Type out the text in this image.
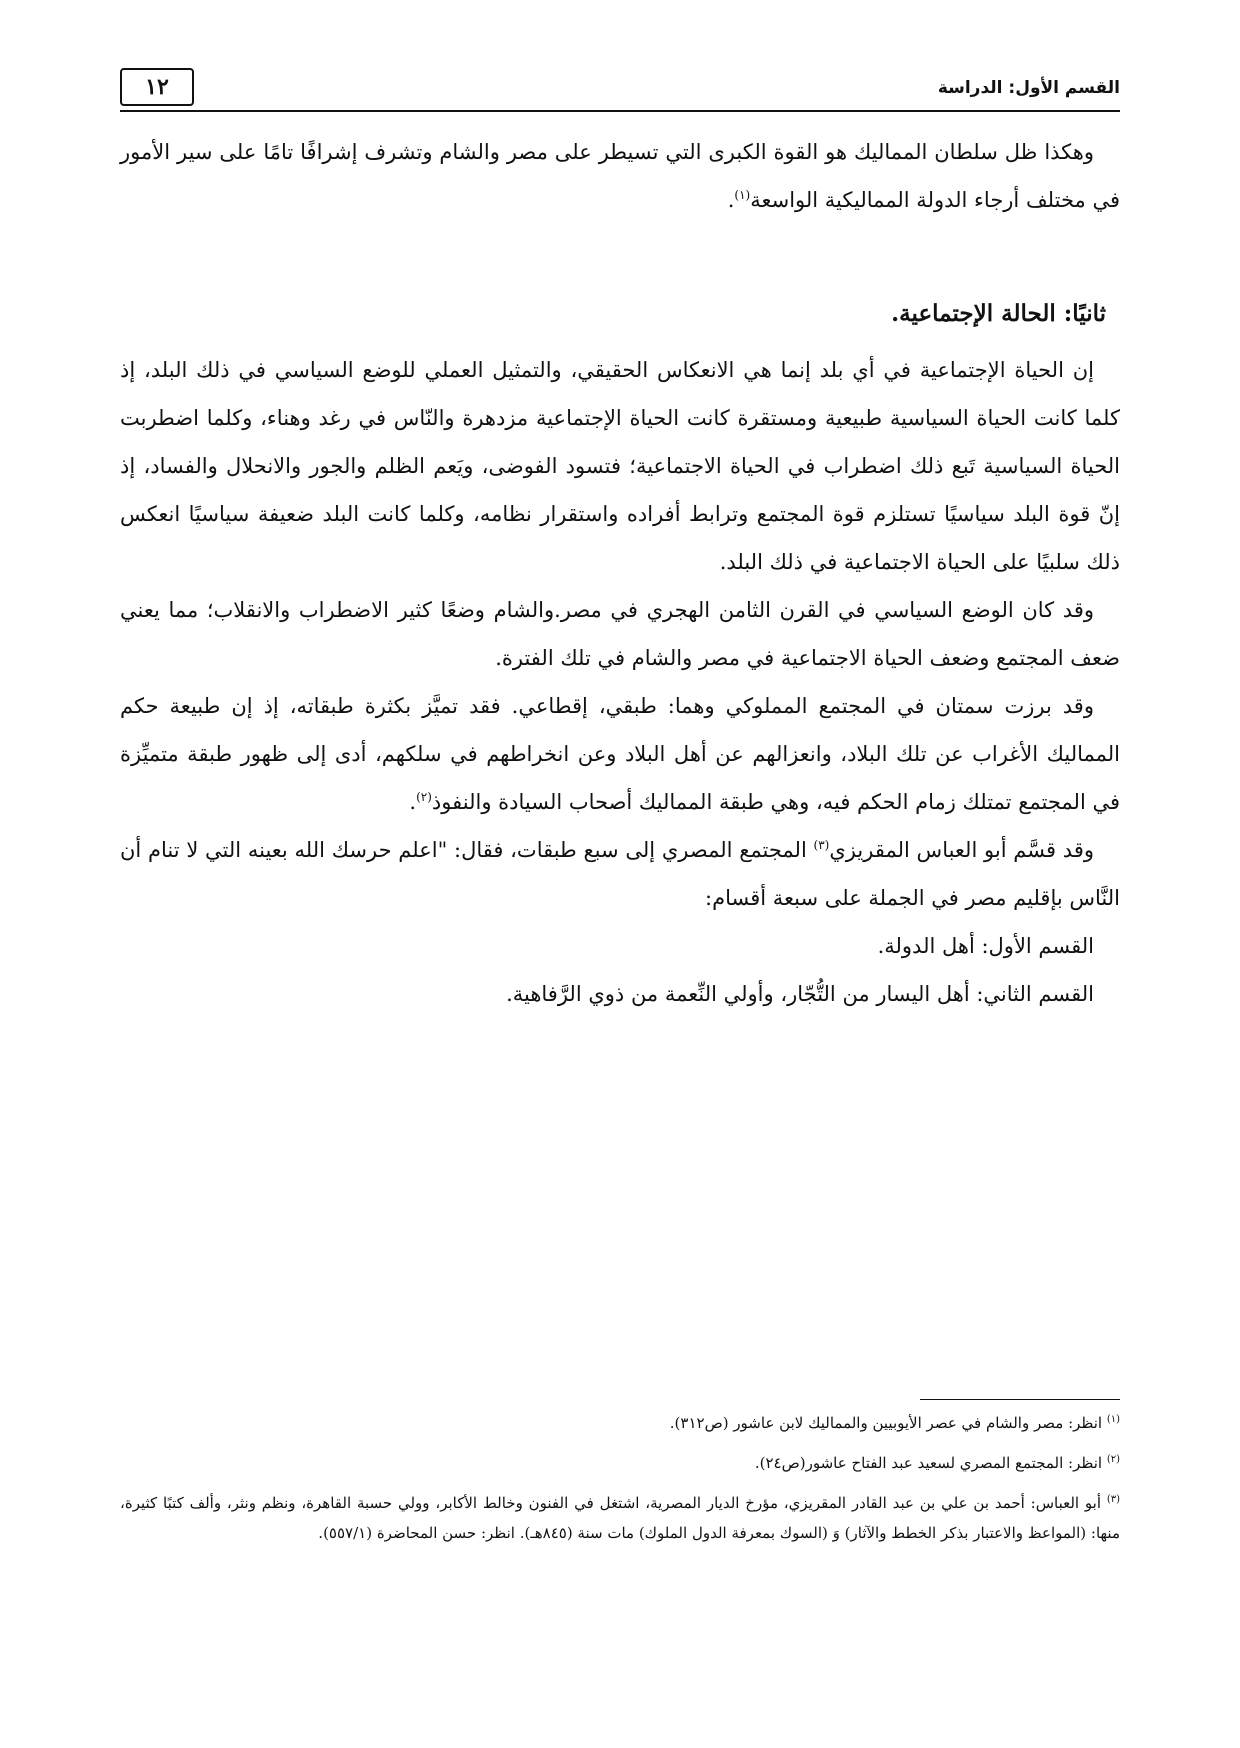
القسم الأول: الدراسة
١٢

وهكذا ظل سلطان المماليك هو القوة الكبرى التي تسيطر على مصر والشام وتشرف إشرافًا تامًا على سير الأمور في مختلف أرجاء الدولة المماليكية الواسعة$^{(١)}$.

ثانيًا: الحالة الإجتماعية.

إن الحياة الإجتماعية في أي بلد إنما هي الانعكاس الحقيقي، والتمثيل العملي للوضع السياسي في ذلك البلد، إذ كلما كانت الحياة السياسية طبيعية ومستقرة كانت الحياة الإجتماعية مزدهرة والنّاس في رغد وهناء، وكلما اضطربت الحياة السياسية تَبع ذلك اضطراب في الحياة الاجتماعية؛ فتسود الفوضى، ويَعم الظلم والجور والانحلال والفساد، إذ إنّ قوة البلد سياسيًا تستلزم قوة المجتمع وترابط أفراده واستقرار نظامه، وكلما كانت البلد ضعيفة سياسيًا انعكس ذلك سلبيًا على الحياة الاجتماعية في ذلك البلد.

وقد كان الوضع السياسي في القرن الثامن الهجري في مصر.والشام وضعًا كثير الاضطراب والانقلاب؛ مما يعني ضعف المجتمع وضعف الحياة الاجتماعية في مصر والشام في تلك الفترة.

وقد برزت سمتان في المجتمع المملوكي وهما: طبقي، إقطاعي. فقد تميَّز بكثرة طبقاته، إذ إن طبيعة حكم المماليك الأغراب عن تلك البلاد، وانعزالهم عن أهل البلاد وعن انخراطهم في سلكهم، أدى إلى ظهور طبقة متميِّزة في المجتمع تمتلك زمام الحكم فيه، وهي طبقة المماليك أصحاب السيادة والنفوذ$^{(٢)}$.

وقد قسَّم أبو العباس المقريزي$^{(٣)}$ المجتمع المصري إلى سبع طبقات، فقال: "اعلم حرسك الله بعينه التي لا تنام أن النَّاس بإقليم مصر في الجملة على سبعة أقسام:

القسم الأول: أهل الدولة.

القسم الثاني: أهل اليسار من التُّجّار، وأولي النِّعمة من ذوي الرَّفاهية.

$^{(١)}$ انظر: مصر والشام في عصر الأيوبيين والمماليك لابن عاشور (ص٣١٢).

$^{(٢)}$ انظر: المجتمع المصري لسعيد عبد الفتاح عاشور(ص٢٤).

$^{(٣)}$ أبو العباس: أحمد بن علي بن عبد القادر المقريزي، مؤرخ الديار المصرية، اشتغل في الفنون وخالط الأكابر، وولي حسبة القاهرة، ونظم ونثر، وألف كتبًا كثيرة، منها: (المواعظ والاعتبار بذكر الخطط والآثار) وَ (السوك بمعرفة الدول الملوك) مات سنة (٨٤٥هـ). انظر: حسن المحاضرة (٥٥٧/١).
